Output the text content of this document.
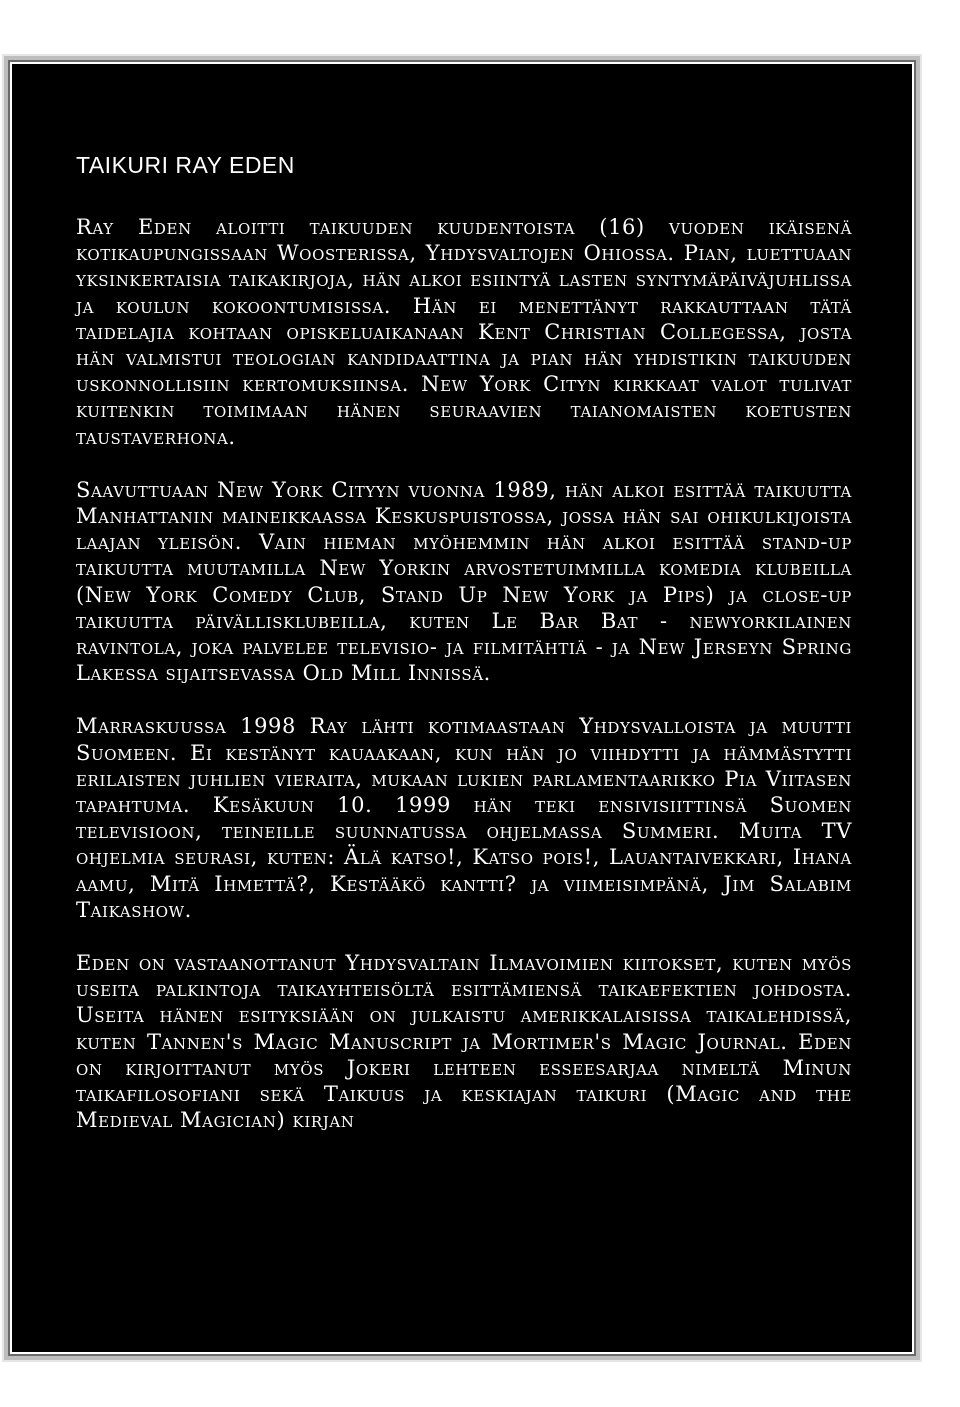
TAIKURI RAY EDEN

Ray Eden aloitti taikuuden kuudentoista (16) vuoden ikäisenä kotikaupungissaan Woosterissa, Yhdysvaltojen Ohiossa. Pian, luettuaan yksinkertaisia taikakirjoja, hän alkoi esiintyä lasten syntymäpäiväjuhlissa ja koulun kokoontumisissa. Hän ei menettänyt rakkauttaan tätä taidelajia kohtaan opiskeluaikanaan Kent Christian Collegessa, josta hän valmistui teologian kandidaattina ja pian hän yhdistikin taikuuden uskonnollisiin kertomuksiinsa. New York Cityn kirkkaat valot tulivat kuitenkin toimimaan hänen seuraavien taianomaisten koetusten taustaverhona.

Saavuttuaan New York Cityyn vuonna 1989, hän alkoi esittää taikuutta Manhattanin maineikkaassa Keskuspuistossa, jossa hän sai ohikulkijoista laajan yleisön. Vain hieman myöhemmin hän alkoi esittää stand-up taikuutta muutamilla New Yorkin arvostetuimmilla komedia klubeilla (New York Comedy Club, Stand Up New York ja Pips) ja close-up taikuutta päivällisklubeilla, kuten Le Bar Bat - newyorkilainen ravintola, joka palvelee televisio- ja filmitähtiä - ja New Jerseyn Spring Lakessa sijaitsevassa Old Mill Innissä.

Marraskuussa 1998 Ray lähti kotimaastaan Yhdysvalloista ja muutti Suomeen. Ei kestänyt kauaakaan, kun hän jo viihdytti ja hämmästytti erilaisten juhlien vieraita, mukaan lukien parlamentaarikko Pia Viitasen tapahtuma. Kesäkuun 10. 1999 hän teki ensivisiittinsä Suomen televisioon, teineille suunnatussa ohjelmassa Summeri. Muita TV ohjelmia seurasi, kuten: Älä katso!, Katso pois!, Lauantaivekkari, Ihana aamu, Mitä Ihmettä?, Kestääkö kantti? ja viimeisimpänä, Jim Salabim Taikashow.

Eden on vastaanottanut Yhdysvaltain Ilmavoimien kiitokset, kuten myös useita palkintoja taikayhteisöltä esittämiensä taikaefektien johdosta. Useita hänen esityksiään on julkaistu amerikkalaisissa taikalehdissä, kuten Tannen's Magic Manuscript ja Mortimer's Magic Journal. Eden on kirjoittanut myös Jokeri lehteen esseesarjaa nimeltä Minun taikafilosofiani sekä Taikuus ja keskiajan taikuri (Magic and the Medieval Magician) kirjan
